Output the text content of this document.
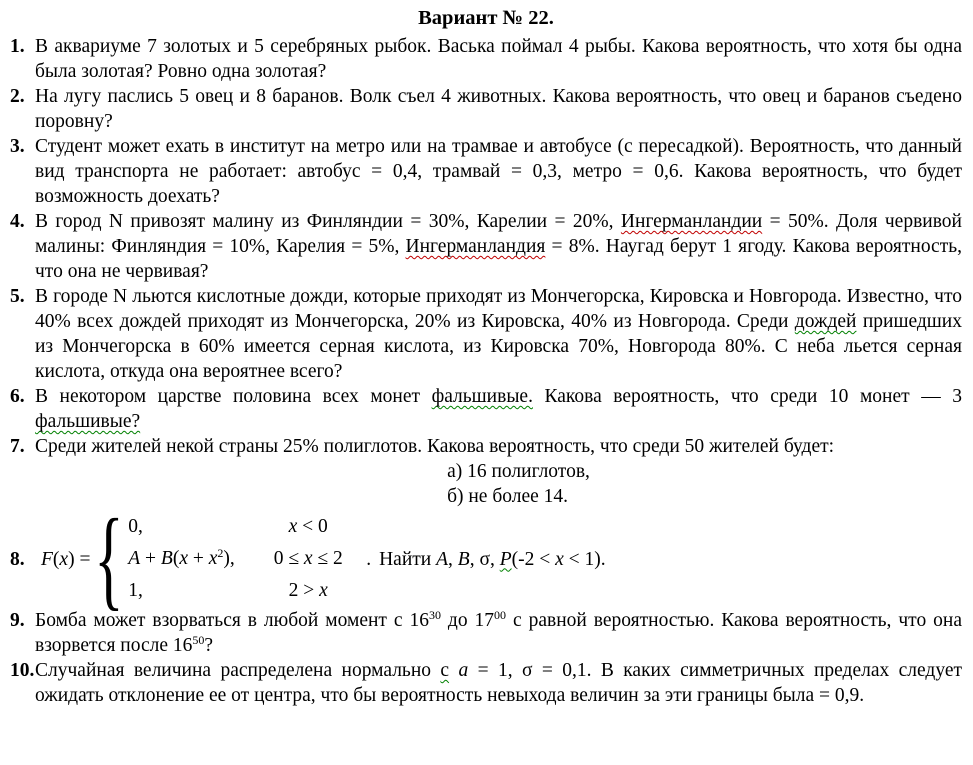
Вариант № 22.
1. В аквариуме 7 золотых и 5 серебряных рыбок. Васька поймал 4 рыбы. Какова вероятность, что хотя бы одна была золотая? Ровно одна золотая?
2. На лугу паслись 5 овец и 8 баранов. Волк съел 4 животных. Какова вероятность, что овец и баранов съедено поровну?
3. Студент может ехать в институт на метро или на трамвае и автобусе (с пересадкой). Вероятность, что данный вид транспорта не работает: автобус = 0,4, трамвай = 0,3, метро = 0,6. Какова вероятность, что будет возможность доехать?
4. В город N привозят малину из Финляндии = 30%, Карелии = 20%, Ингерманландии = 50%. Доля червивой малины: Финляндия = 10%, Карелия = 5%, Ингерманландия = 8%. Наугад берут 1 ягоду. Какова вероятность, что она не червивая?
5. В городе N льются кислотные дожди, которые приходят из Мончегорска, Кировска и Новгорода. Известно, что 40% всех дождей приходят из Мончегорска, 20% из Кировска, 40% из Новгорода. Среди дождей пришедших из Мончегорска в 60% имеется серная кислота, из Кировска 70%, Новгорода 80%. С неба льется серная кислота, откуда она вероятнее всего?
6. В некотором царстве половина всех монет фальшивые. Какова вероятность, что среди 10 монет — 3 фальшивые?
7. Среди жителей некой страны 25% полиглотов. Какова вероятность, что среди 50 жителей будет:
а) 16 полиглотов,
б) не более 14.
8. F(x) = { 0,	x < 0
$A + B(x + x^2)$,	0 ≤ x ≤ 2
1,	2 > x
. Найти A, B, σ, P(-2 < x < 1).
9. Бомба может взорваться в любой момент с $16^{30}$ до $17^{00}$ с равной вероятностью. Какова вероятность, что она взорвется после $16^{50}$?
10. Случайная величина распределена нормально с a = 1, σ = 0,1. В каких симметричных пределах следует ожидать отклонение ее от центра, что бы вероятность невыхода величин за эти границы была = 0,9.
